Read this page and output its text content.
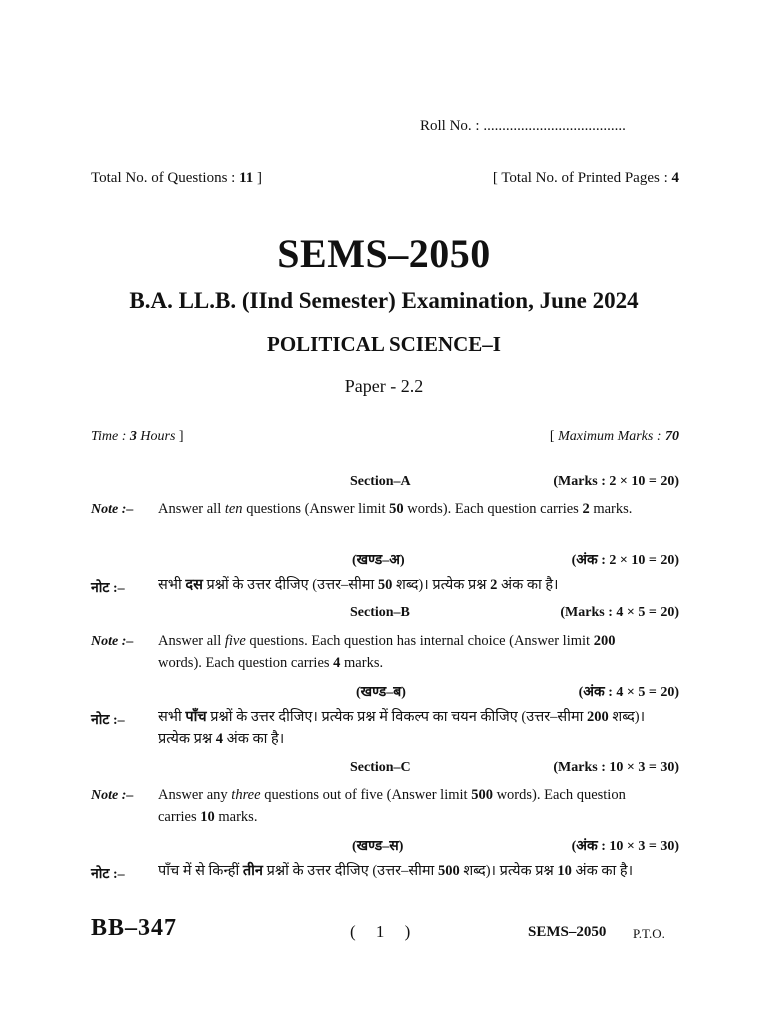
Roll No. : ......................................
Total No. of Questions : 11 ]	[ Total No. of Printed Pages : 4
SEMS–2050
B.A. LL.B. (IInd Semester) Examination, June 2024
POLITICAL SCIENCE–I
Paper - 2.2
Time : 3 Hours ]	[ Maximum Marks : 70
Section–A	(Marks : 2 × 10 = 20)
Note :– Answer all ten questions (Answer limit 50 words). Each question carries 2 marks.
(खण्ड–अ)	(अंक : 2 × 10 = 20)
नोट :– सभी दस प्रश्नों के उत्तर दीजिए (उत्तर–सीमा 50 शब्द)। प्रत्येक प्रश्न 2 अंक का है।
Section–B	(Marks : 4 × 5 = 20)
Note :– Answer all five questions. Each question has internal choice (Answer limit 200 words). Each question carries 4 marks.
(खण्ड–ब)	(अंक : 4 × 5 = 20)
नोट :– सभी पाँच प्रश्नों के उत्तर दीजिए। प्रत्येक प्रश्न में विकल्प का चयन कीजिए (उत्तर–सीमा 200 शब्द)। प्रत्येक प्रश्न 4 अंक का है।
Section–C	(Marks : 10 × 3 = 30)
Note :– Answer any three questions out of five (Answer limit 500 words). Each question carries 10 marks.
(खण्ड–स)	(अंक : 10 × 3 = 30)
नोट :– पाँच में से किन्हीं तीन प्रश्नों के उत्तर दीजिए (उत्तर–सीमा 500 शब्द)। प्रत्येक प्रश्न 10 अंक का है।
BB–347	( 1 )	SEMS–2050 P.T.O.
